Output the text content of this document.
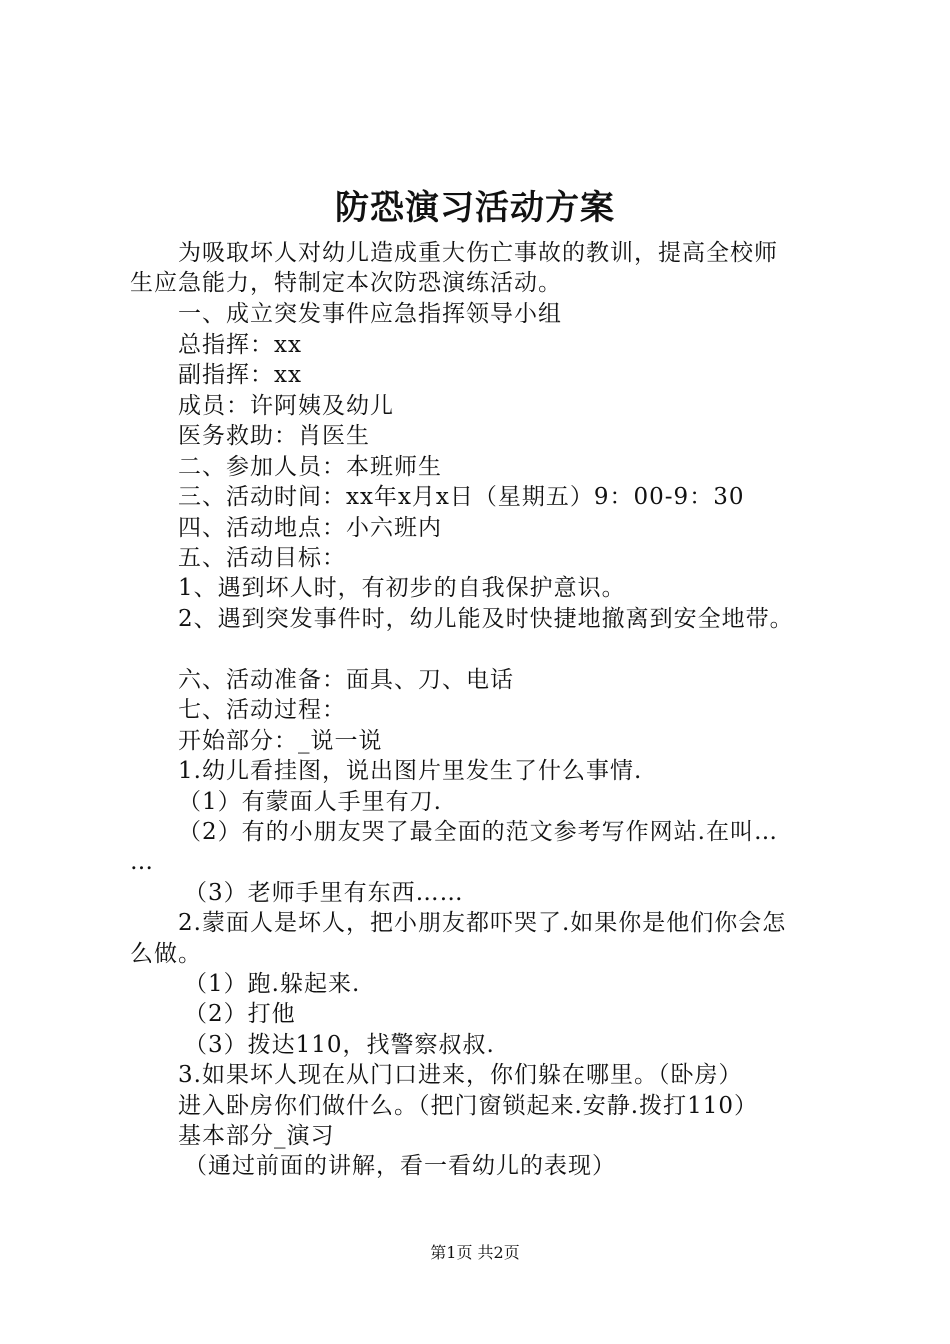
防恐演习活动方案
为吸取坏人对幼儿造成重大伤亡事故的教训，提高全校师
生应急能力，特制定本次防恐演练活动。
一、成立突发事件应急指挥领导小组
总指挥：xx
副指挥：xx
成员：许阿姨及幼儿
医务救助：肖医生
二、参加人员：本班师生
三、活动时间：xx年x月x日（星期五）9：00-9：30
四、活动地点：小六班内
五、活动目标：
1、遇到坏人时，有初步的自我保护意识。
2、遇到突发事件时，幼儿能及时快捷地撤离到安全地带。
六、活动准备：面具、刀、电话
七、活动过程：
开始部分：_说一说
1.幼儿看挂图，说出图片里发生了什么事情.
（1）有蒙面人手里有刀.
（2）有的小朋友哭了最全面的范文参考写作网站.在叫…
…
（3）老师手里有东西……
2.蒙面人是坏人，把小朋友都吓哭了.如果你是他们你会怎
么做。
（1）跑.躲起来.
（2）打他
（3）拨达110，找警察叔叔.
3.如果坏人现在从门口进来，你们躲在哪里。（卧房）
进入卧房你们做什么。（把门窗锁起来.安静.拨打110）
基本部分_演习
（通过前面的讲解，看一看幼儿的表现）
第1页 共2页
